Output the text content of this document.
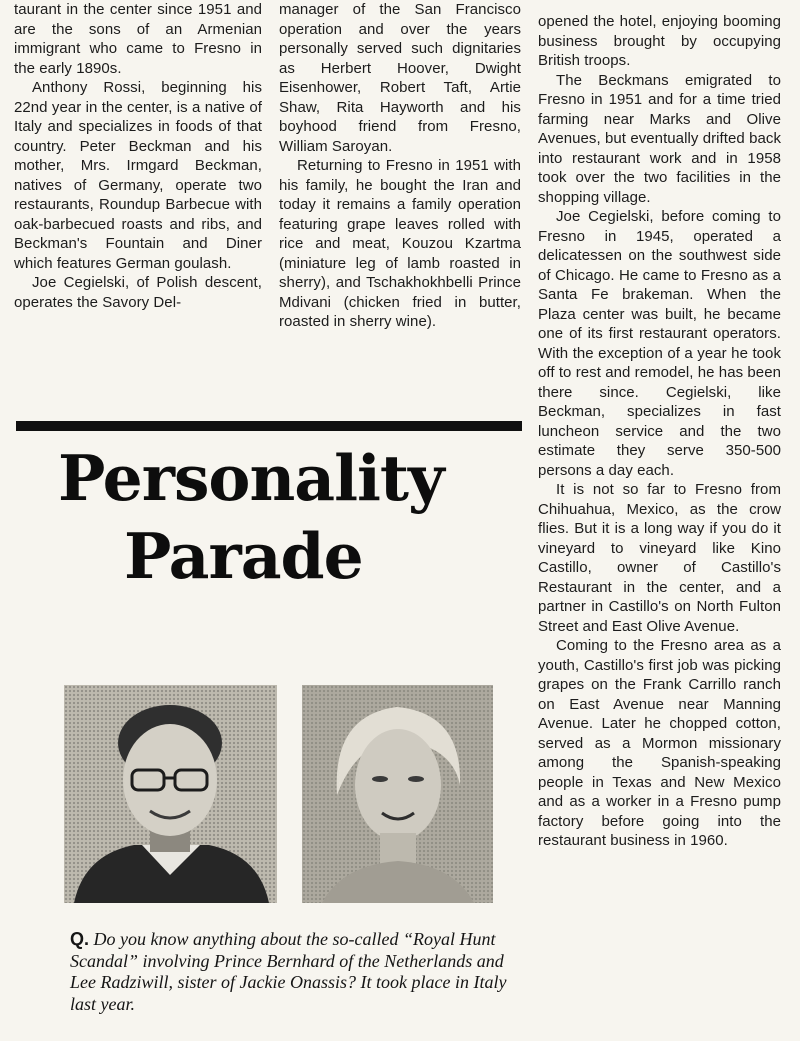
taurant in the center since 1951 and are the sons of an Armenian immigrant who came to Fresno in the early 1890s.

Anthony Rossi, beginning his 22nd year in the center, is a native of Italy and specializes in foods of that country. Peter Beckman and his mother, Mrs. Irmgard Beckman, natives of Germany, operate two restaurants, Roundup Barbecue with oak-barbecued roasts and ribs, and Beckman's Fountain and Diner which features German goulash.

Joe Cegielski, of Polish descent, operates the Savory Del-

manager of the San Francisco operation and over the years personally served such dignitaries as Herbert Hoover, Dwight Eisenhower, Robert Taft, Artie Shaw, Rita Hayworth and his boyhood friend from Fresno, William Saroyan.

Returning to Fresno in 1951 with his family, he bought the Iran and today it remains a family operation featuring grape leaves rolled with rice and meat, Kouzou Kzartma (miniature leg of lamb roasted in sherry), and Tschakhokhbelli Prince Mdivani (chicken fried in butter, roasted in sherry wine).

opened the hotel, enjoying booming business brought by occupying British troops.

The Beckmans emigrated to Fresno in 1951 and for a time tried farming near Marks and Olive Avenues, but eventually drifted back into restaurant work and in 1958 took over the two facilities in the shopping village.

Joe Cegielski, before coming to Fresno in 1945, operated a delicatessen on the southwest side of Chicago. He came to Fresno as a Santa Fe brakeman. When the Plaza center was built, he became one of its first restaurant operators. With the exception of a year he took off to rest and remodel, he has been there since. Cegielski, like Beckman, specializes in fast luncheon service and the two estimate they serve 350-500 persons a day each.

It is not so far to Fresno from Chihuahua, Mexico, as the crow flies. But it is a long way if you do it vineyard to vineyard like Kino Castillo, owner of Castillo's Restaurant in the center, and a partner in Castillo's on North Fulton Street and East Olive Avenue.

Coming to the Fresno area as a youth, Castillo's first job was picking grapes on the Frank Carrillo ranch on East Avenue near Manning Avenue. Later he chopped cotton, served as a Mormon missionary among the Spanish-speaking people in Texas and New Mexico and as a worker in a Fresno pump factory before going into the restaurant business in 1960.

Personality
Parade
Q. Do you know anything about the so-called “Royal Hunt Scandal” involving Prince Bernhard of the Netherlands and Lee Radziwill, sister of Jackie Onassis? It took place in Italy last year.
